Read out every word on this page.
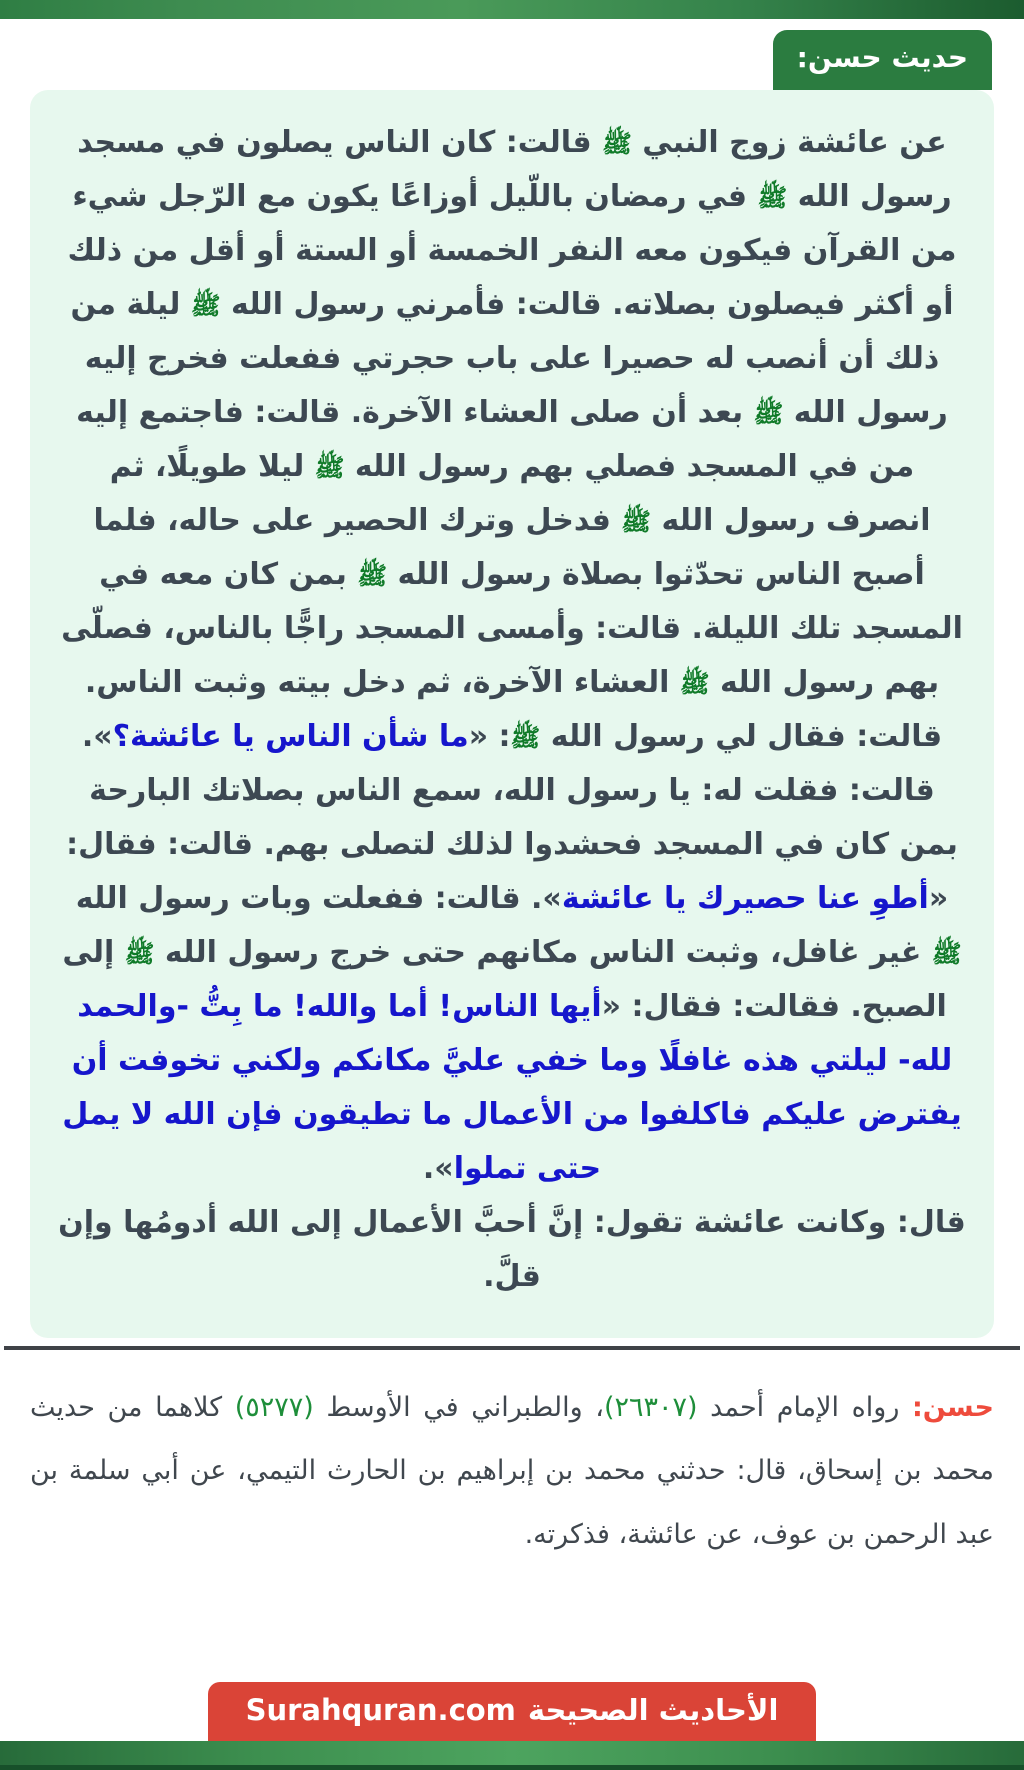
حديث حسن:

عن عائشة زوج النبي ﷺ قالت: كان الناس يصلون في مسجد رسول الله ﷺ في رمضان باللّيل أوزاعًا يكون مع الرّجل شيء من القرآن فيكون معه النفر الخمسة أو الستة أو أقل من ذلك أو أكثر فيصلون بصلاته. قالت: فأمرني رسول الله ﷺ ليلة من ذلك أن أنصب له حصيرا على باب حجرتي ففعلت فخرج إليه رسول الله ﷺ بعد أن صلى العشاء الآخرة. قالت: فاجتمع إليه من في المسجد فصلي بهم رسول الله ﷺ ليلا طويلًا، ثم انصرف رسول الله ﷺ فدخل وترك الحصير على حاله، فلما أصبح الناس تحدّثوا بصلاة رسول الله ﷺ بمن كان معه في المسجد تلك الليلة. قالت: وأمسى المسجد راجًّا بالناس، فصلّى بهم رسول الله ﷺ العشاء الآخرة، ثم دخل بيته وثبت الناس. قالت: فقال لي رسول الله ﷺ: «ما شأن الناس يا عائشة؟». قالت: فقلت له: يا رسول الله، سمع الناس بصلاتك البارحة بمن كان في المسجد فحشدوا لذلك لتصلى بهم. قالت: فقال: «أطوِ عنا حصيرك يا عائشة». قالت: ففعلت وبات رسول الله ﷺ غير غافل، وثبت الناس مكانهم حتى خرج رسول الله ﷺ إلى الصبح. فقالت: فقال: «أيها الناس! أما والله! ما بِتُّ -والحمد لله- ليلتي هذه غافلًا وما خفي عليَّ مكانكم ولكني تخوفت أن يفترض عليكم فاكلفوا من الأعمال ما تطيقون فإن الله لا يمل حتى تملوا».

قال: وكانت عائشة تقول: إنَّ أحبَّ الأعمال إلى الله أدومُها وإن قلَّ.

حسن: رواه الإمام أحمد (٢٦٣٠٧)، والطبراني في الأوسط (٥٢٧٧) كلاهما من حديث محمد بن إسحاق، قال: حدثني محمد بن إبراهيم بن الحارث التيمي، عن أبي سلمة بن عبد الرحمن بن عوف، عن عائشة، فذكرته.
الأحاديث الصحيحة
Surahquran.com
